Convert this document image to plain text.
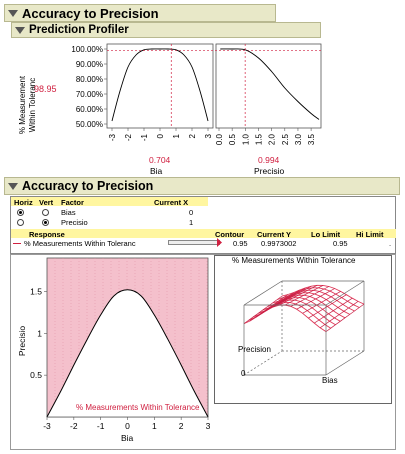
Accuracy to Precision
Prediction Profiler
% Measurement Within Toleranc
98.95
100.00%
90.00%
80.00%
70.00%
60.00%
50.00%
-3 -2 -1 0 1 2 3 0.0 0.5 1.0 1.5 2.0 2.5 3.0 3.5
0.704	0.994
Bia	Precisio
Accuracy to Precision
Horiz Vert Factor	Current X
Bias	0
Precisio	1
Response	Contour Current Y	Lo Limit Hi Limit
% Measurements Within Toleranc	0.95 0.9973002	0.95	.
-3 -2 -1 0	1	2	3
1.5
1
0.5
Precisio
Bia
% Measurements Within Tolerance
% Measurements Within Tolerance
Precision
0
Bias
